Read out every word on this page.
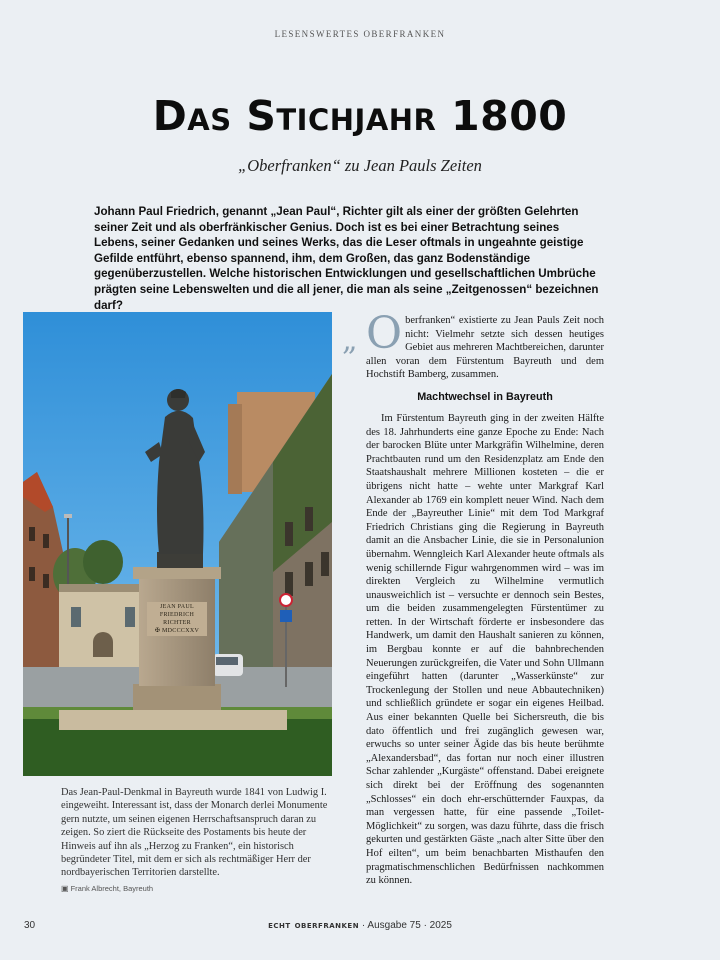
LESENSWERTES OBERFRANKEN
Das Stichjahr 1800
„Oberfranken“ zu Jean Pauls Zeiten

Johann Paul Friedrich, genannt „Jean Paul“, Richter gilt als einer der größten Gelehrten seiner Zeit und als oberfränkischer Genius. Doch ist es bei einer Betrachtung seines Lebens, seiner Gedanken und seines Werks, das die Leser oftmals in ungeahnte geistige Gefilde entführt, ebenso spannend, ihm, dem Großen, das ganz Bodenständige gegenüberzustellen. Welche historischen Entwicklungen und gesellschaftlichen Umbrüche prägten seine Lebenswelten und die all jener, die man als seine „Zeitgenossen“ bezeichnen darf?

JEAN PAUL
FRIEDRICH RICHTER
✠ MDCCCXXV

Das Jean-Paul-Denkmal in Bayreuth wurde 1841 von Ludwig I. eingeweiht. Interessant ist, dass der Monarch derlei Monumente gern nutzte, um seinen eigenen Herrschaftsanspruch daran zu zeigen. So ziert die Rückseite des Postaments bis heute der Hinweis auf ihn als „Herzog zu Franken“, ein historisch begründeter Titel, mit dem er sich als rechtmäßiger Herr der nordbayerischen Territorien darstellte.

▣ Frank Albrecht, Bayreuth
„ Oberfranken“ existierte zu Jean Pauls Zeit noch nicht: Vielmehr setzte sich dessen heutiges Gebiet aus mehreren Machtbereichen, darunter allen voran dem Fürstentum Bayreuth und dem Hochstift Bamberg, zusammen.

Machtwechsel in Bayreuth

Im Fürstentum Bayreuth ging in der zweiten Hälfte des 18. Jahrhunderts eine ganze Epoche zu Ende: Nach der barocken Blüte unter Markgräfin Wilhelmine, deren Prachtbauten rund um den Residenzplatz am Ende den Staatshaushalt mehrere Millionen kosteten – die er übrigens nicht hatte – wehte unter Markgraf Karl Alexander ab 1769 ein komplett neuer Wind. Nach dem Ende der „Bayreuther Linie“ mit dem Tod Markgraf Friedrich Christians ging die Regierung in Bayreuth damit an die Ansbacher Linie, die sie in Personalunion übernahm. Wenngleich Karl Alexander heute oftmals als wenig schillernde Figur wahrgenommen wird – was im direkten Vergleich zu Wilhelmine vermutlich unausweichlich ist – versuchte er dennoch sein Bestes, um die beiden zusammengelegten Fürstentümer zu retten. In der Wirtschaft förderte er insbesondere das Handwerk, um damit den Haushalt sanieren zu können, im Bergbau konnte er auf die bahnbrechenden Neuerungen zurückgreifen, die Vater und Sohn Ullmann eingeführt hatten (darunter „Wasserkünste“ zur Trockenlegung der Stollen und neue Abbautechniken) und schließlich gründete er sogar ein eigenes Heilbad. Aus einer bekannten Quelle bei Sichersreuth, die bis dato öffentlich und frei zugänglich gewesen war, erwuchs so unter seiner Ägide das bis heute berühmte „Alexandersbad“, das fortan nur noch einer illustren Schar zahlender „Kurgäste“ offenstand. Dabei ereignete sich direkt bei der Eröffnung des sogenannten „Schlosses“ ein doch ehr-erschütternder Fauxpas, da man vergessen hatte, für eine passende „Toilet-Möglichkeit“ zu sorgen, was dazu führte, dass die frisch gekurten und gestärkten Gäste „nach alter Sitte über den Hof eilten“, um beim benachbarten Misthaufen den pragmatischmenschlichen Bedürfnissen nachkommen zu können.

30	echt oberfranken · Ausgabe 75 · 2025
